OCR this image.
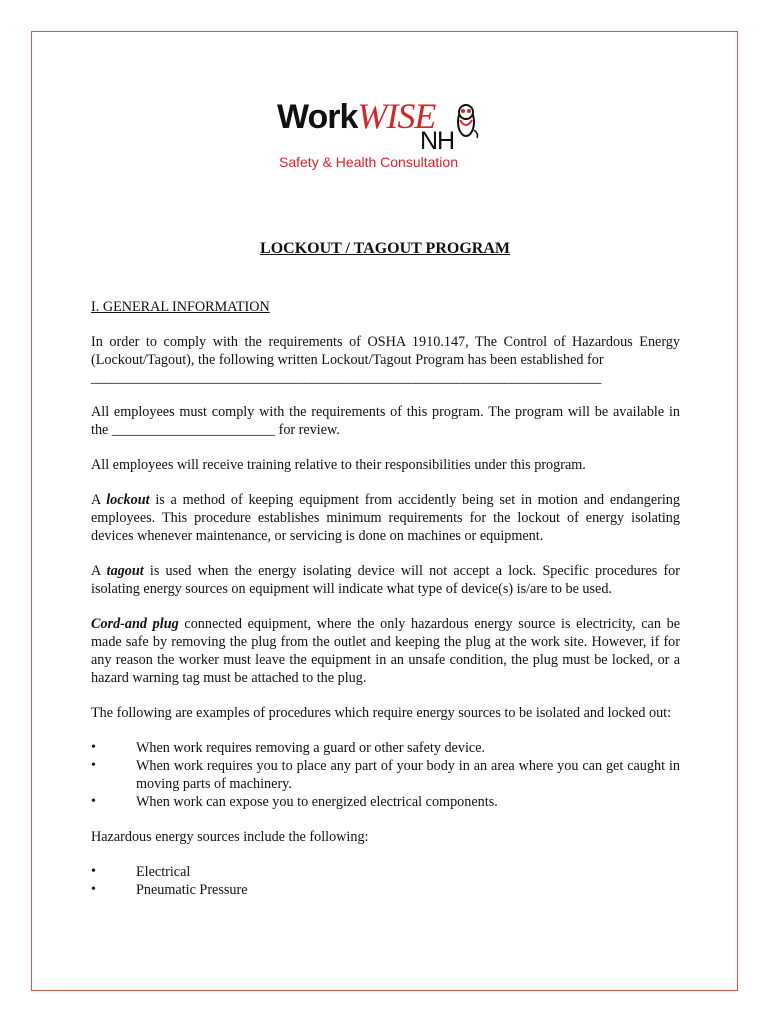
WorkWISE
NH
Safety & Health Consultation
LOCKOUT / TAGOUT PROGRAM

I. GENERAL INFORMATION

In order to comply with the requirements of OSHA 1910.147, The Control of Hazardous Energy (Lockout/Tagout), the following written Lockout/Tagout Program has been established for
__________________________________________________________________________

All employees must comply with the requirements of this program. The program will be available in the _______________________ for review.

All employees will receive training relative to their responsibilities under this program.

A lockout is a method of keeping equipment from accidently being set in motion and endangering employees. This procedure establishes minimum requirements for the lockout of energy isolating devices whenever maintenance, or servicing is done on machines or equipment.

A tagout is used when the energy isolating device will not accept a lock. Specific procedures for isolating energy sources on equipment will indicate what type of device(s) is/are to be used.

Cord-and plug connected equipment, where the only hazardous energy source is electricity, can be made safe by removing the plug from the outlet and keeping the plug at the work site. However, if for any reason the worker must leave the equipment in an unsafe condition, the plug must be locked, or a hazard warning tag must be attached to the plug.

The following are examples of procedures which require energy sources to be isolated and locked out:

• When work requires removing a guard or other safety device.
• When work requires you to place any part of your body in an area where you can get caught in moving parts of machinery.
• When work can expose you to energized electrical components.

Hazardous energy sources include the following:

• Electrical
• Pneumatic Pressure
